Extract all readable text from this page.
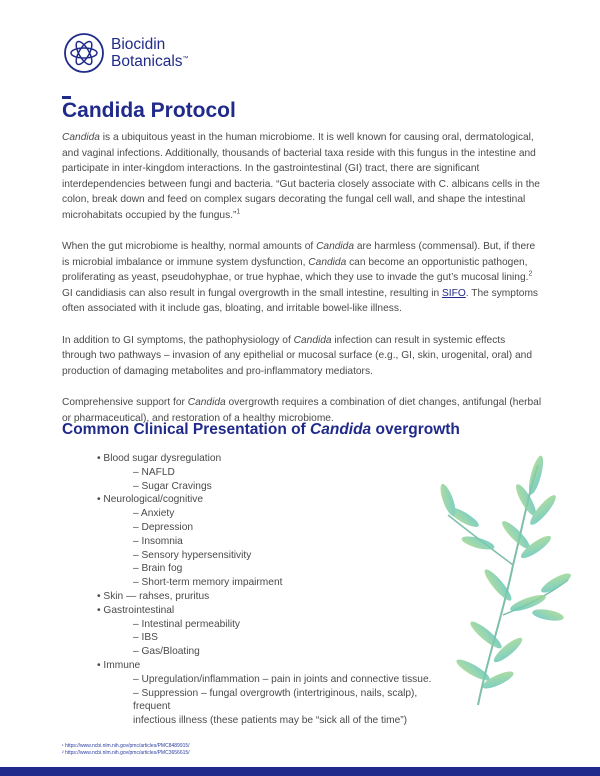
Biocidin
Botanicals™
Candida Protocol

Candida is a ubiquitous yeast in the human microbiome. It is well known for causing oral, dermatological, and vaginal infections. Additionally, thousands of bacterial taxa reside with this fungus in the intestine and participate in inter-kingdom interactions. In the gastrointestinal (GI) tract, there are significant interdependencies between fungi and bacteria. “Gut bacteria closely associate with C. albicans cells in the colon, break down and feed on complex sugars decorating the fungal cell wall, and shape the intestinal microhabitats occupied by the fungus.”$^1$

When the gut microbiome is healthy, normal amounts of Candida are harmless (commensal). But, if there is microbial imbalance or immune system dysfunction, Candida can become an opportunistic pathogen, proliferating as yeast, pseudohyphae, or true hyphae, which they use to invade the gut’s mucosal lining.$^2$ GI candidiasis can also result in fungal overgrowth in the small intestine, resulting in SIFO. The symptoms often associated with it include gas, bloating, and irritable bowel-like illness.

In addition to GI symptoms, the pathophysiology of Candida infection can result in systemic effects through two pathways – invasion of any epithelial or mucosal surface (e.g., GI, skin, urogenital, oral) and production of damaging metabolites and pro-inflammatory mediators.

Comprehensive support for Candida overgrowth requires a combination of diet changes, antifungal (herbal or pharmaceutical), and restoration of a healthy microbiome.

Common Clinical Presentation of Candida overgrowth
• Blood sugar dysregulation
– NAFLD
– Sugar Cravings
• Neurological/cognitive
– Anxiety
– Depression
– Insomnia
– Sensory hypersensitivity
– Brain fog
– Short-term memory impairment
• Skin — rahses, pruritus
• Gastrointestinal
– Intestinal permeability
– IBS
– Gas/Bloating
• Immune
– Upregulation/inflammation – pain in joints and connective tissue.
– Suppression – fungal overgrowth (intertriginous, nails, scalp), frequent
infectious illness (these patients may be “sick all of the time”)
¹ https://www.ncbi.nlm.nih.gov/pmc/articles/PMC8489915/
² https://www.ncbi.nlm.nih.gov/pmc/articles/PMC3656615/
